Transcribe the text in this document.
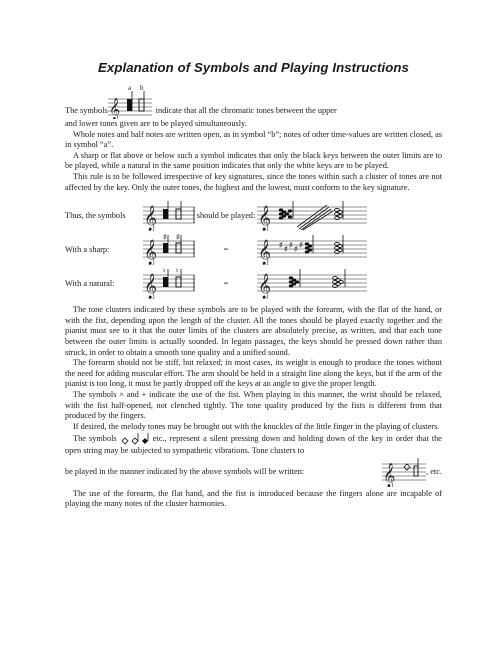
Explanation of Symbols and Playing Instructions
The symbols 𝄞
a b
indicate that all the chromatic tones between the upper

and lower tones given are to be played simultaneously.

Whole notes and half notes are written open, as in symbol “b”; notes of other time-values are written closed, as in symbol “a”.

A sharp or flat above or below such a symbol indicates that only the black keys between the outer limits are to be played, while a natural in the same position indicates that only the white keys are to be played.

This rule is to be followed irrespective of key signatures, since the tones within such a cluster of tones are not affected by the key. Only the outer tones, the highest and the lowest, must conform to the key signature.

Thus, the symbols 𝄞	should be played: 𝄞
With a sharp:	𝄞
♯ ♯
=	𝄞 ♯ ♯ ♯ ♯ ♯
With a natural:	𝄞
♮ ♮
=	𝄞

The tone clusters indicated by these symbols are to be played with the forearm, with the flat of the hand, or with the fist, depending upon the length of the cluster. All the tones should be played exactly together and the pianist must see to it that the outer limits of the clusters are absolutely precise, as written, and that each tone between the outer limits is actually sounded. In legato passages, the keys should be pressed down rather than struck, in order to obtain a smooth tone quality and a unified sound.

The forearm should not be stiff, but relaxed; in most cases, its weight is enough to produce the tones without the need for adding muscular effort. The arm should be held in a straight line along the keys, but if the arm of the pianist is too long, it must be partly dropped off the keys at an angle to give the proper length.

The symbols × and + indicate the use of the fist. When playing in this manner, the wrist should be relaxed, with the fist half-opened, not clenched tightly. The tone quality produced by the fists is different from that produced by the fingers.

If desired, the melody tones may be brought out with the knuckles of the little finger in the playing of clusters.

The symbols	etc., represent a silent pressing down and holding down of the key in order that the open string may be subjected to sympathetic vibrations. Tone clusters to

be played in the manner indicated by the above symbols will be written:	𝄞	, etc.

The use of the forearm, the flat hand, and the fist is introduced because the fingers alone are incapable of playing the many notes of the cluster harmonies.
